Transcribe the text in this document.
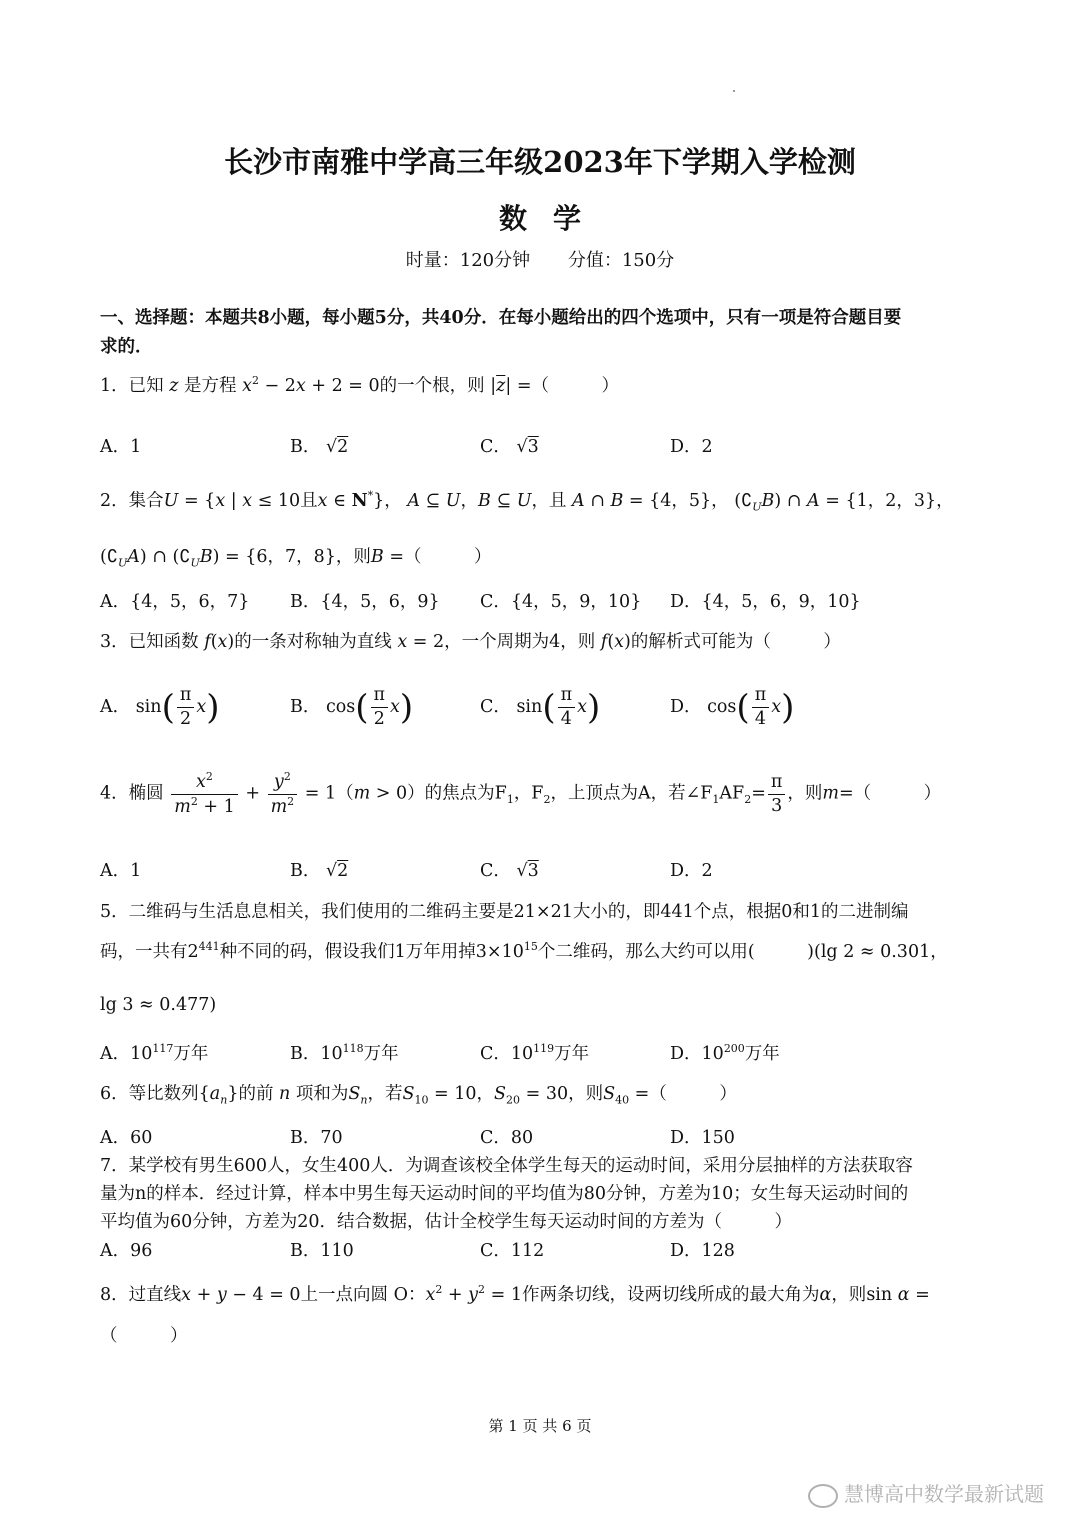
长沙市南雅中学高三年级2023年下学期入学检测
数学
时量：120分钟 分值：150分
一、选择题：本题共8小题，每小题5分，共40分．在每小题给出的四个选项中，只有一项是符合题目要
求的．
1．已知 z 是方程 $x^2 - 2x + 2 = 0$的一个根，则 $|\overline{z}|$ =（　　　）
A．1	B． √2	C． √3	D．2
2．集合U = {x | x ≤ 10且x ∈ N*}， A ⊆ U，B ⊆ U，且 A ∩ B = {4，5}， $(∁_UB)$ ∩ A = {1，2，3}，
$(∁_UA)$ ∩ $(∁_UB) = \{6$，7，8}，则B =（　　　）
A．{4，5，6，7} B．{4，5，6，9} C．{4，5，9，10} D．{4，5，6，9，10}
3．已知函数 f(x)的一条对称轴为直线 x = 2，一个周期为4，则 f(x)的解析式可能为（　　　）
A． $\sin( \frac{\pi}{2} x)$	B． $\cos( \frac{\pi}{2} x)$	C． $\sin( \frac{\pi}{4} x)$	D． $\cos( \frac{\pi}{4} x)$
4．椭圆 $\frac{x^2}{m^2 + 1} + \frac{y^2}{m^2} = 1(m > 0)$的焦点为$F_1$，$F_2$，上顶点为A，若$\angle F_1AF_2= \frac{\pi}{3}$ ，则m=（　　　）
A．1	B． √2	C． √3	D．2
5．二维码与生活息息相关，我们使用的二维码主要是21×21大小的，即441个点，根据0和1的二进制编
码，一共有$2^{441}$种不同的码，假设我们1万年用掉$3\times 10^{15}$个二维码，那么大约可以用(　　　)(lg 2 ≈ 0.301，
lg 3 ≈ 0.477)
A．$10^{117}$万年	B．$10^{118}$万年	C．$10^{119}$万年	D．$10^{200}$万年
6．等比数列$\{a_n\}$的前 n 项和为$S_n$，若$S_{10} = 10$，$S_{20} = 30$，则$S_{40}$ =（　　　）
A．60	B．70	C．80	D．150
7．某学校有男生600人，女生400人．为调查该校全体学生每天的运动时间，采用分层抽样的方法获取容
量为n的样本．经过计算，样本中男生每天运动时间的平均值为80分钟，方差为10；女生每天运动时间的
平均值为60分钟，方差为20．结合数据，估计全校学生每天运动时间的方差为（　　　）
A．96	B．110	C．112	D．128
8．过直线x + y − 4 = 0上一点向圆 O：$x^2 + y^2 = 1$作两条切线，设两切线所成的最大角为α，则sin α =
（　　　）
第 1 页 共 6 页
慧博高中数学最新试题
